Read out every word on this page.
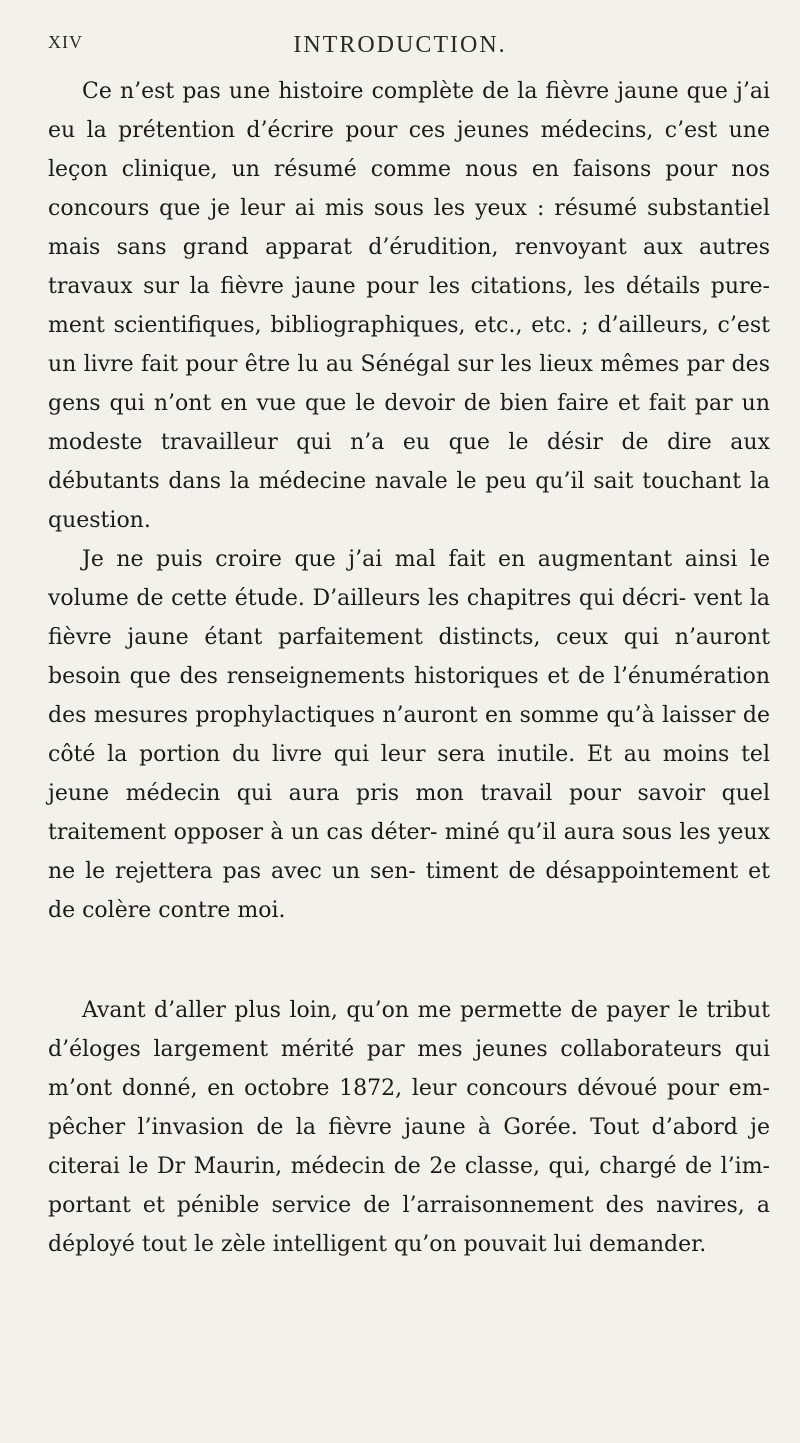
XIV	INTRODUCTION.

Ce n’est pas une histoire complète de la fièvre jaune que j’ai eu la prétention d’écrire pour ces jeunes médecins, c’est une leçon clinique, un résumé comme nous en faisons pour nos concours que je leur ai mis sous les yeux : résumé substantiel mais sans grand apparat d’érudition, renvoyant aux autres travaux sur la fièvre jaune pour les citations, les détails pure- ment scientifiques, bibliographiques, etc., etc. ; d’ailleurs, c’est un livre fait pour être lu au Sénégal sur les lieux mêmes par des gens qui n’ont en vue que le devoir de bien faire et fait par un modeste travailleur qui n’a eu que le désir de dire aux débutants dans la médecine navale le peu qu’il sait touchant la question.

Je ne puis croire que j’ai mal fait en augmentant ainsi le volume de cette étude. D’ailleurs les chapitres qui décri- vent la fièvre jaune étant parfaitement distincts, ceux qui n’auront besoin que des renseignements historiques et de l’énumération des mesures prophylactiques n’auront en somme qu’à laisser de côté la portion du livre qui leur sera inutile. Et au moins tel jeune médecin qui aura pris mon travail pour savoir quel traitement opposer à un cas déter- miné qu’il aura sous les yeux ne le rejettera pas avec un sen- timent de désappointement et de colère contre moi.

Avant d’aller plus loin, qu’on me permette de payer le tribut d’éloges largement mérité par mes jeunes collaborateurs qui m’ont donné, en octobre 1872, leur concours dévoué pour em- pêcher l’invasion de la fièvre jaune à Gorée. Tout d’abord je citerai le Dr Maurin, médecin de 2e classe, qui, chargé de l’im- portant et pénible service de l’arraisonnement des navires, a déployé tout le zèle intelligent qu’on pouvait lui demander.
